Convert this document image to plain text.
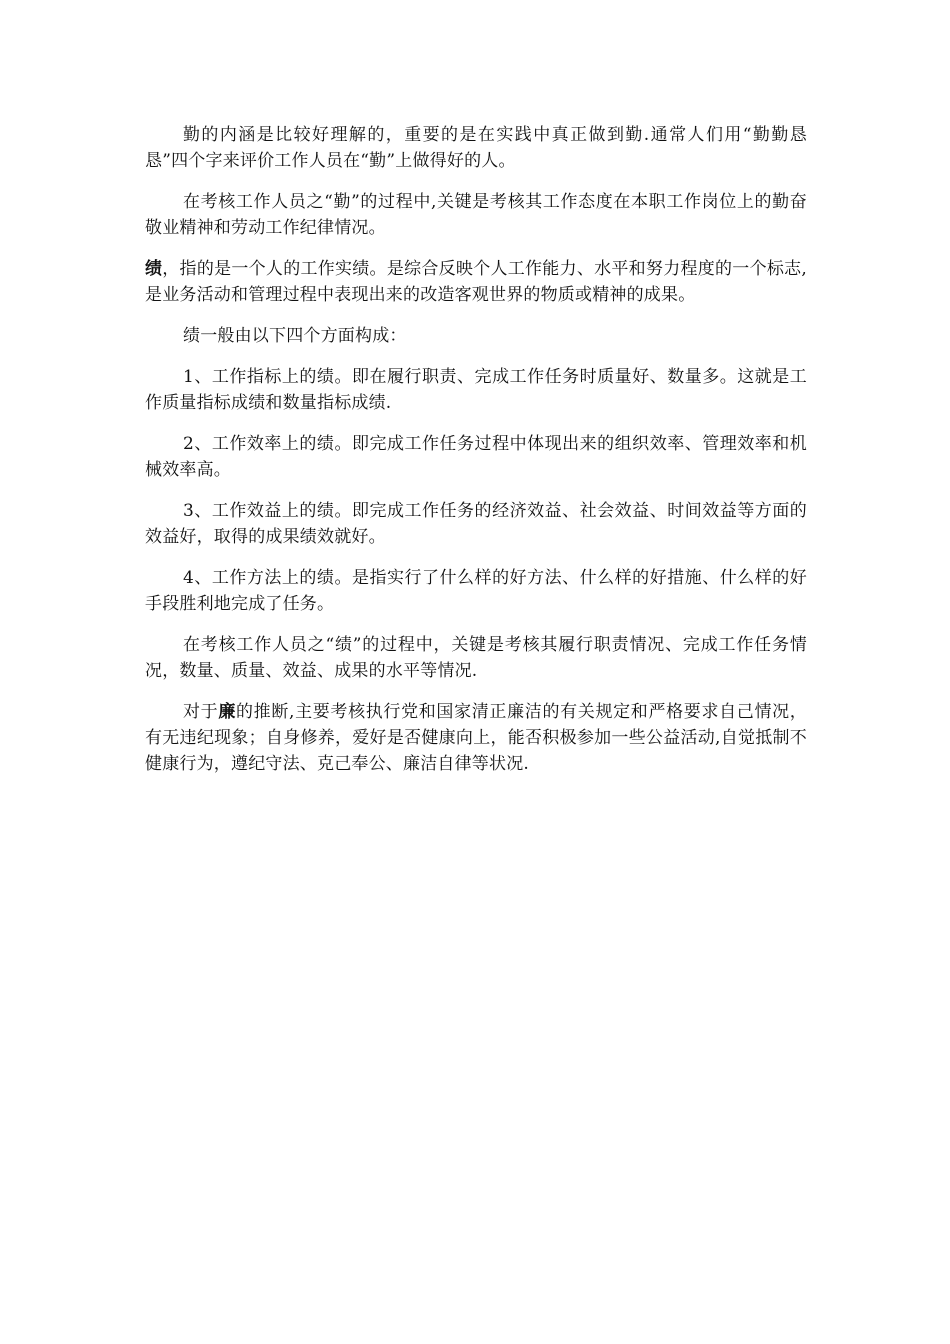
勤的内涵是比较好理解的，重要的是在实践中真正做到勤.通常人们用“勤勤恳恳”四个字来评价工作人员在“勤”上做得好的人。

在考核工作人员之“勤”的过程中,关键是考核其工作态度在本职工作岗位上的勤奋敬业精神和劳动工作纪律情况。

绩，指的是一个人的工作实绩。是综合反映个人工作能力、水平和努力程度的一个标志,是业务活动和管理过程中表现出来的改造客观世界的物质或精神的成果。

绩一般由以下四个方面构成：

1、工作指标上的绩。即在履行职责、完成工作任务时质量好、数量多。这就是工作质量指标成绩和数量指标成绩.

2、工作效率上的绩。即完成工作任务过程中体现出来的组织效率、管理效率和机械效率高。

3、工作效益上的绩。即完成工作任务的经济效益、社会效益、时间效益等方面的效益好，取得的成果绩效就好。

4、工作方法上的绩。是指实行了什么样的好方法、什么样的好措施、什么样的好手段胜利地完成了任务。

在考核工作人员之“绩”的过程中，关键是考核其履行职责情况、完成工作任务情况，数量、质量、效益、成果的水平等情况.

对于廉的推断,主要考核执行党和国家清正廉洁的有关规定和严格要求自己情况，有无违纪现象；自身修养，爱好是否健康向上，能否积极参加一些公益活动,自觉抵制不健康行为，遵纪守法、克己奉公、廉洁自律等状况.
